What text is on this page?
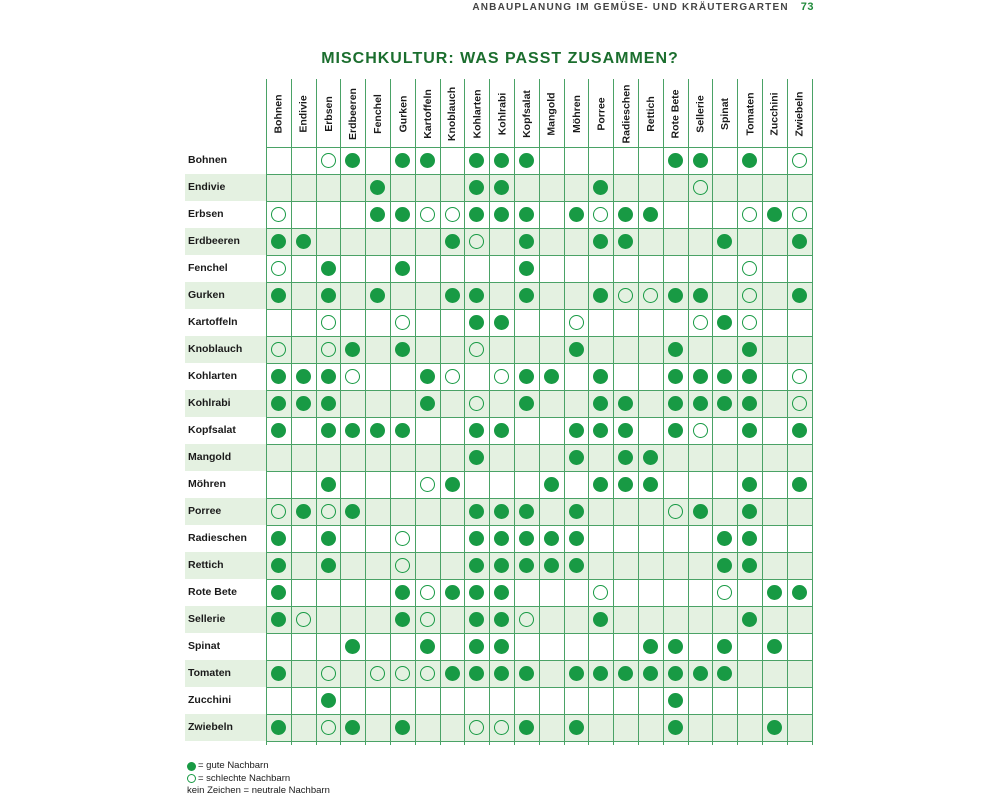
ANBAUPLANUNG IM GEMÜSE- UND KRÄUTERGARTEN 73
MISCHKULTUR: WAS PASST ZUSAMMEN?
Bohnen
Endivie
Erbsen
Erdbeeren
Fenchel
Gurken
Kartoffeln
Knoblauch
Kohlarten
Kohlrabi
Kopfsalat
Mangold
Möhren
Porree
Radieschen
Rettich
Rote Bete
Sellerie
Spinat
Tomaten
Zucchini
Zwiebeln
Bohnen Endivie Erbsen Erdbeeren Fenchel Gurken Kartoffeln Knoblauch Kohlarten Kohlrabi Kopfsalat Mangold Möhren Porree Radieschen Rettich Rote Bete Sellerie Spinat Tomaten Zucchini Zwiebeln
= gute Nachbarn
= schlechte Nachbarn
kein Zeichen = neutrale Nachbarn
